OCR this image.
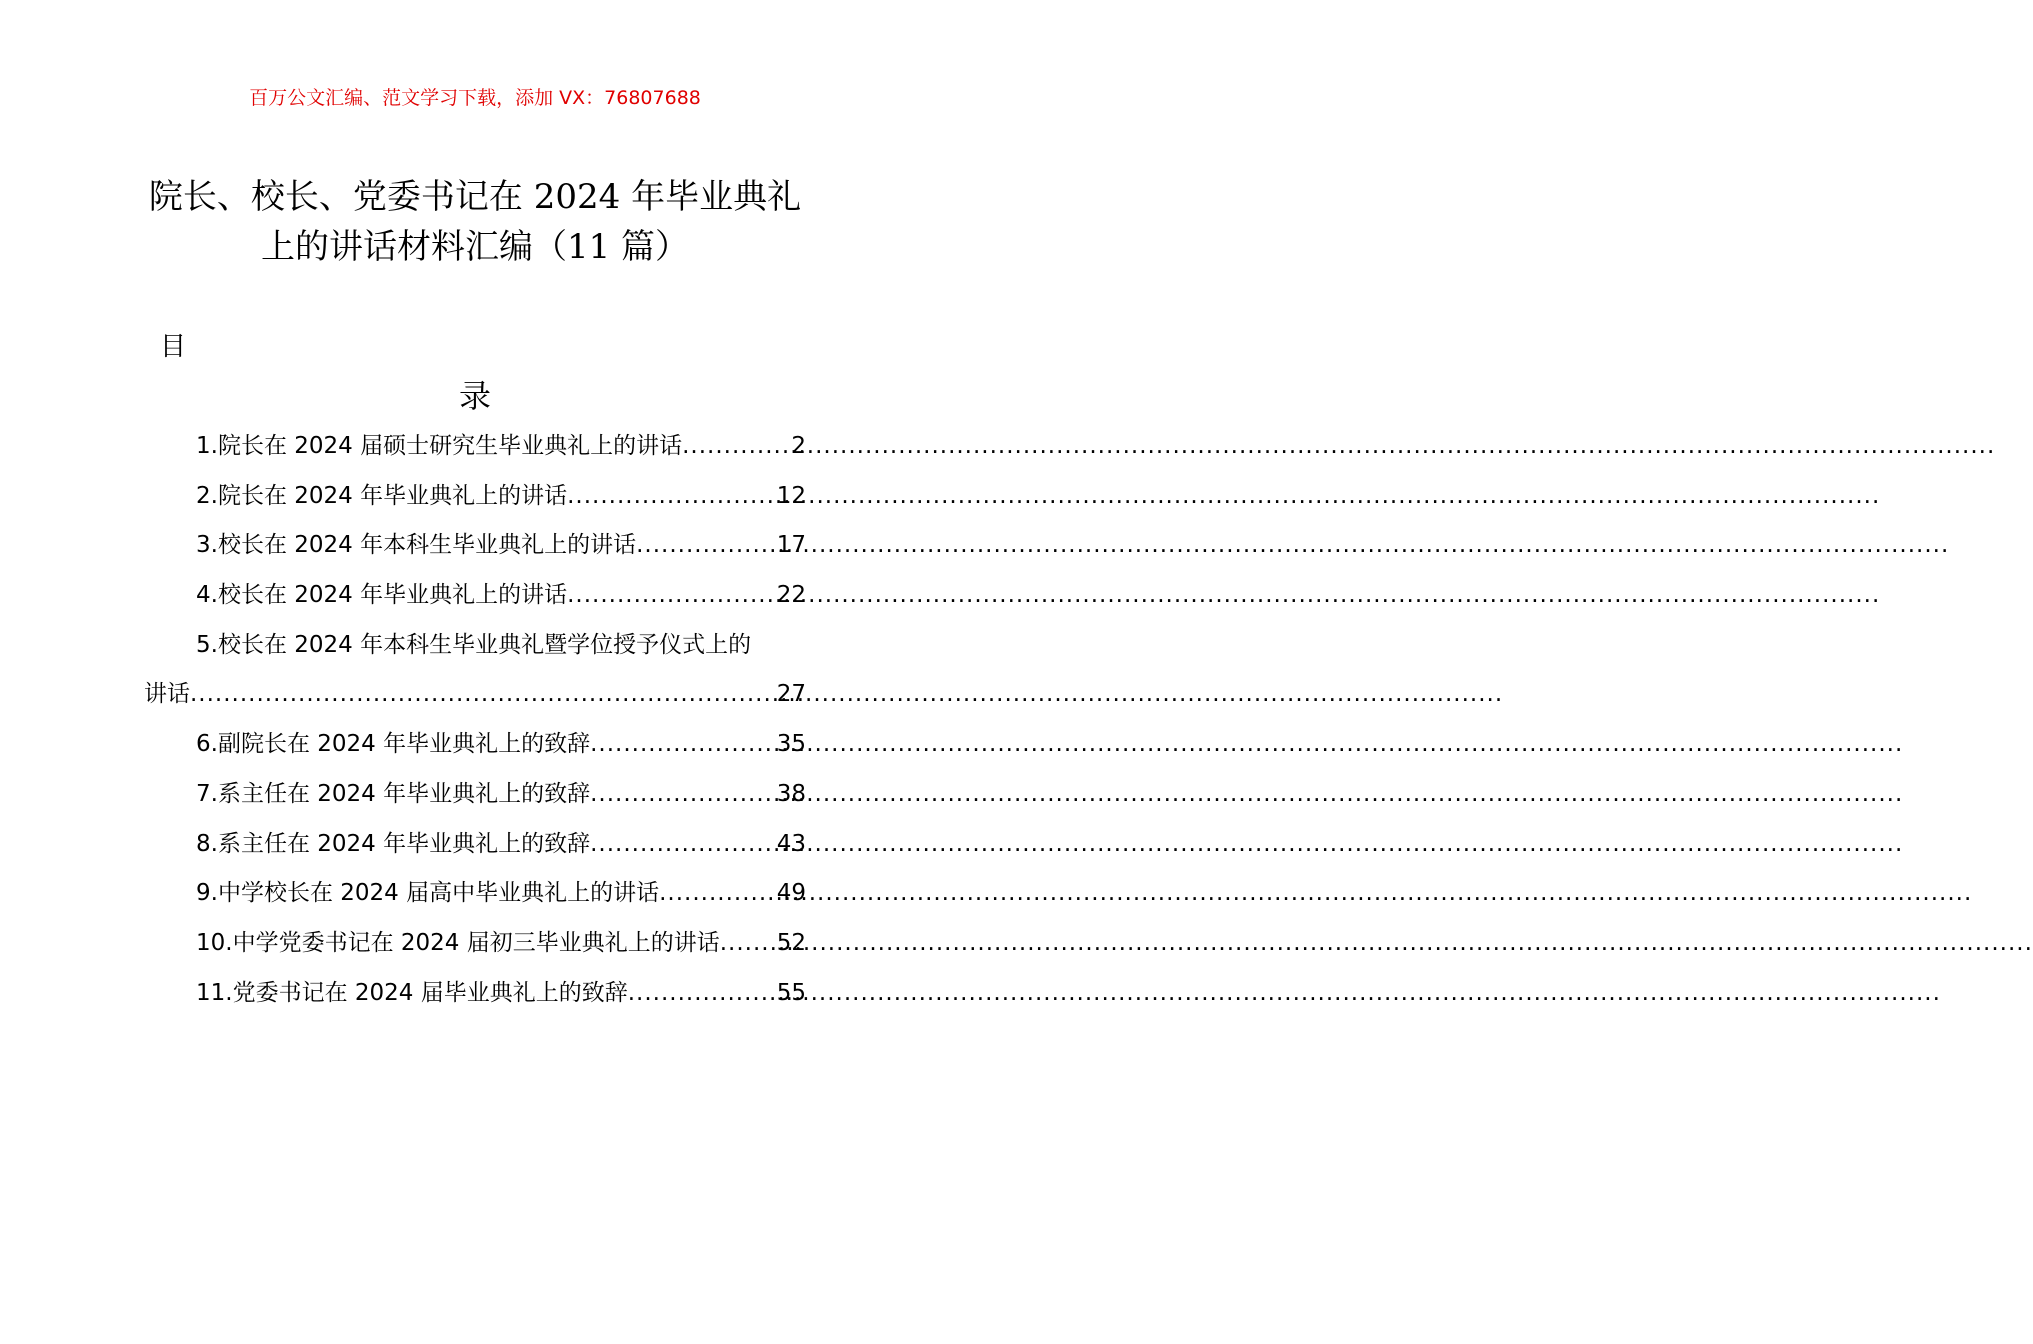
百万公文汇编、范文学习下载，添加 VX：76807688
院长、校长、党委书记在 2024 年毕业典礼
上的讲话材料汇编（11 篇）
目
录
1.院长在 2024 届硕士研究生毕业典礼上的讲话 .....	2
2.院长在 2024 年毕业典礼上的讲话 .....	12
3.校长在 2024 年本科生毕业典礼上的讲话 .....	17
4.校长在 2024 年毕业典礼上的讲话 .....	22
5.校长在 2024 年本科生毕业典礼暨学位授予仪式上的
讲话 .....	27
6.副院长在 2024 年毕业典礼上的致辞 .....	35
7.系主任在 2024 年毕业典礼上的致辞 .....	38
8.系主任在 2024 年毕业典礼上的致辞 .....	43
9.中学校长在 2024 届高中毕业典礼上的讲话 .....	49
10.中学党委书记在 2024 届初三毕业典礼上的讲话 ..... 52
11.党委书记在 2024 届毕业典礼上的致辞 .....	55
